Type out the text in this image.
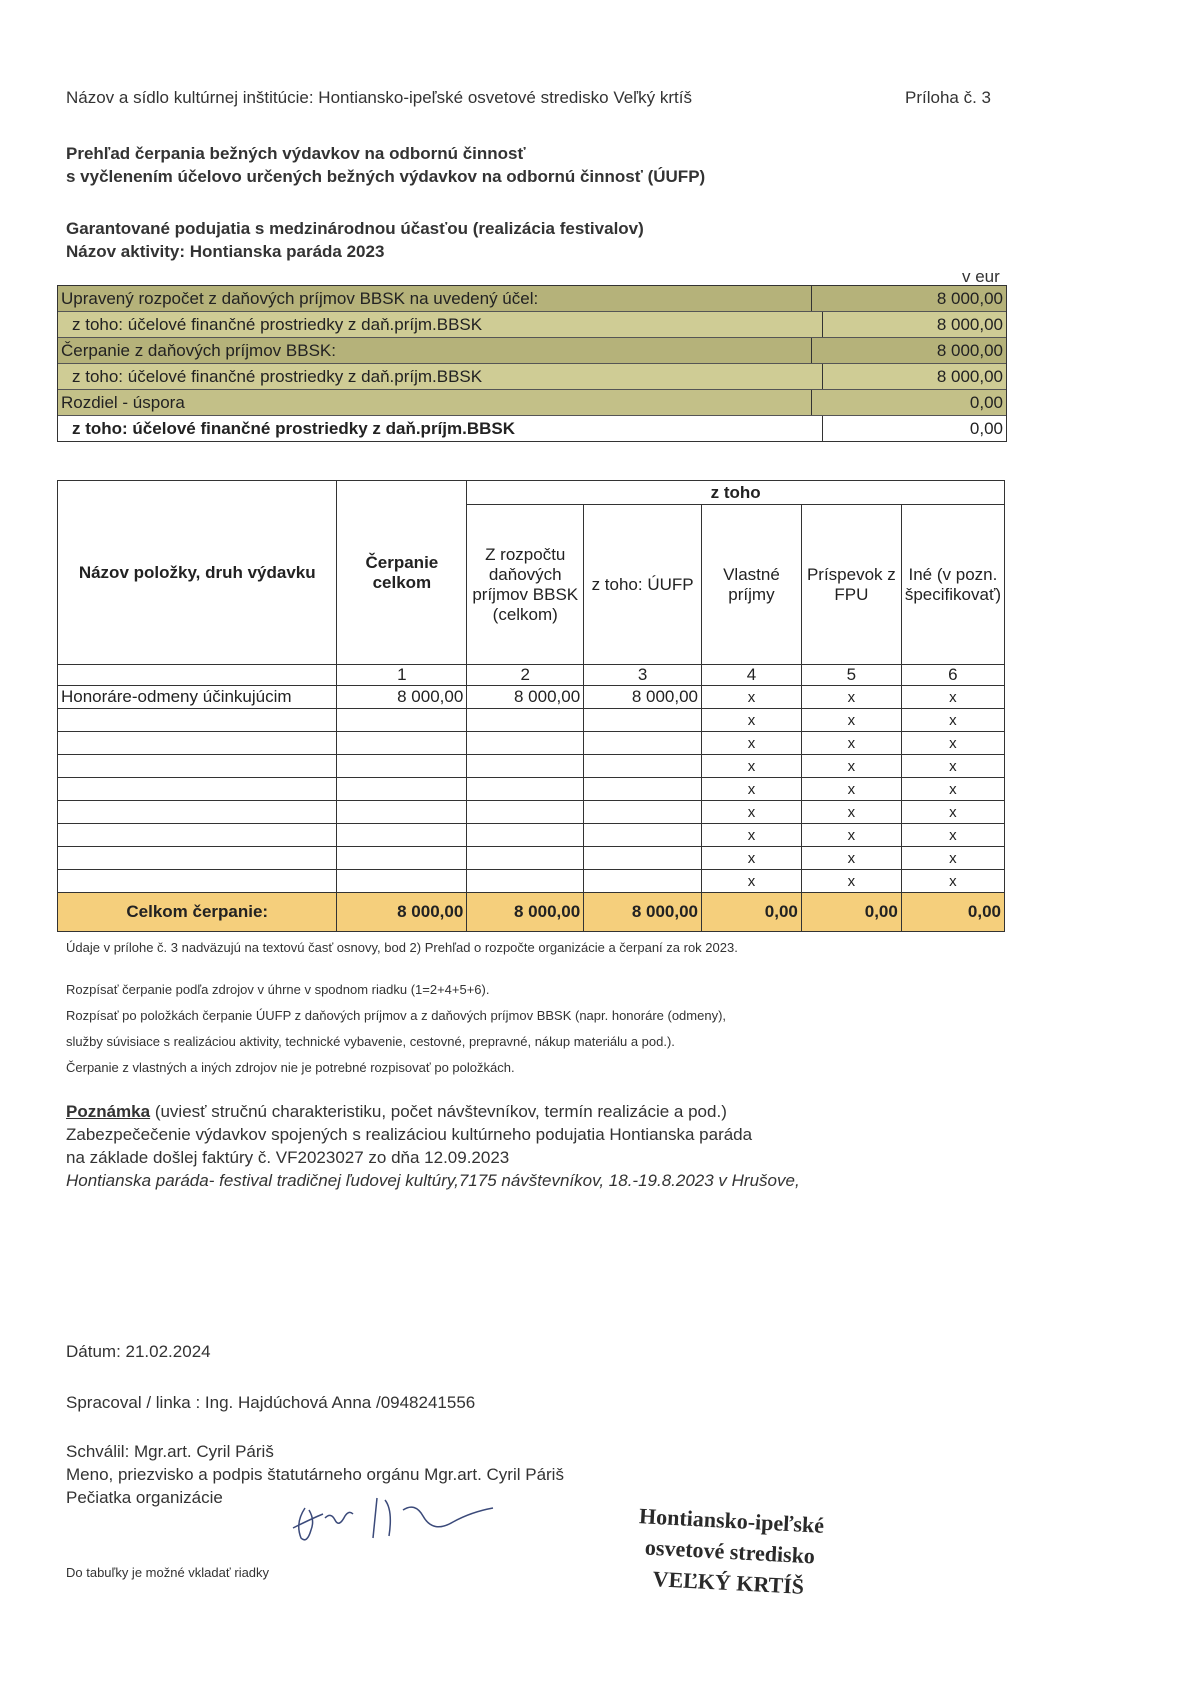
Názov a sídlo kultúrnej inštitúcie: Hontiansko-ipeľské osvetové stredisko Veľký krtíš	Príloha č. 3
Prehľad čerpania bežných výdavkov na odbornú činnosť
s vyčlenením účelovo určených bežných výdavkov na odbornú činnosť (ÚUFP)
Garantované podujatia s medzinárodnou účasťou (realizácia festivalov)
Názov aktivity: Hontianska paráda 2023
v eur
Upravený rozpočet z daňových príjmov BBSK na uvedený účel:	8 000,00
z toho: účelové finančné prostriedky z daň.príjm.BBSK	8 000,00
Čerpanie z daňových príjmov BBSK:	8 000,00
z toho: účelové finančné prostriedky z daň.príjm.BBSK	8 000,00
Rozdiel - úspora	0,00
z toho: účelové finančné prostriedky z daň.príjm.BBSK	0,00
Názov položky, druh výdavku	Čerpanie celkom	z toho				
		Z rozpočtu daňových príjmov BBSK (celkom)	z toho: ÚUFP	Vlastné príjmy	Príspevok z FPU	Iné (v pozn. špecifikovať)
	1	2	3	4	5	6
Honoráre-odmeny účinkujúcim	8 000,00	8 000,00	8 000,00	x	x	x
				x	x	x
				x	x	x
				x	x	x
				x	x	x
				x	x	x
				x	x	x
				x	x	x
				x	x	x
Celkom čerpanie:	8 000,00	8 000,00	8 000,00	0,00	0,00	0,00
Údaje v prílohe č. 3 nadväzujú na textovú časť osnovy, bod 2) Prehľad o rozpočte organizácie a čerpaní za rok 2023.
Rozpísať čerpanie podľa zdrojov v úhrne v spodnom riadku (1=2+4+5+6).
Rozpísať po položkách čerpanie ÚUFP z daňových príjmov a z daňových príjmov BBSK (napr. honoráre (odmeny),
služby súvisiace s realizáciou aktivity, technické vybavenie, cestovné, prepravné, nákup materiálu a pod.).
Čerpanie z vlastných a iných zdrojov nie je potrebné rozpisovať po položkách.
Poznámka (uviesť stručnú charakteristiku, počet návštevníkov, termín realizácie a pod.)
Zabezpečečenie výdavkov spojených s realizáciou kultúrneho podujatia Hontianska paráda
na základe došlej faktúry č. VF2023027 zo dňa 12.09.2023
Hontianska paráda- festival tradičnej ľudovej kultúry,7175 návštevníkov, 18.-19.8.2023 v Hrušove,
Dátum: 21.02.2024
Spracoval / linka : Ing. Hajdúchová Anna /0948241556
Schválil: Mgr.art. Cyril Páriš
Meno, priezvisko a podpis štatutárneho orgánu Mgr.art. Cyril Páriš
Pečiatka organizácie
Do tabuľky je možné vkladať riadky
Hontiansko-ipeľské
osvetové stredisko
VEĽKÝ KRTÍŠ
